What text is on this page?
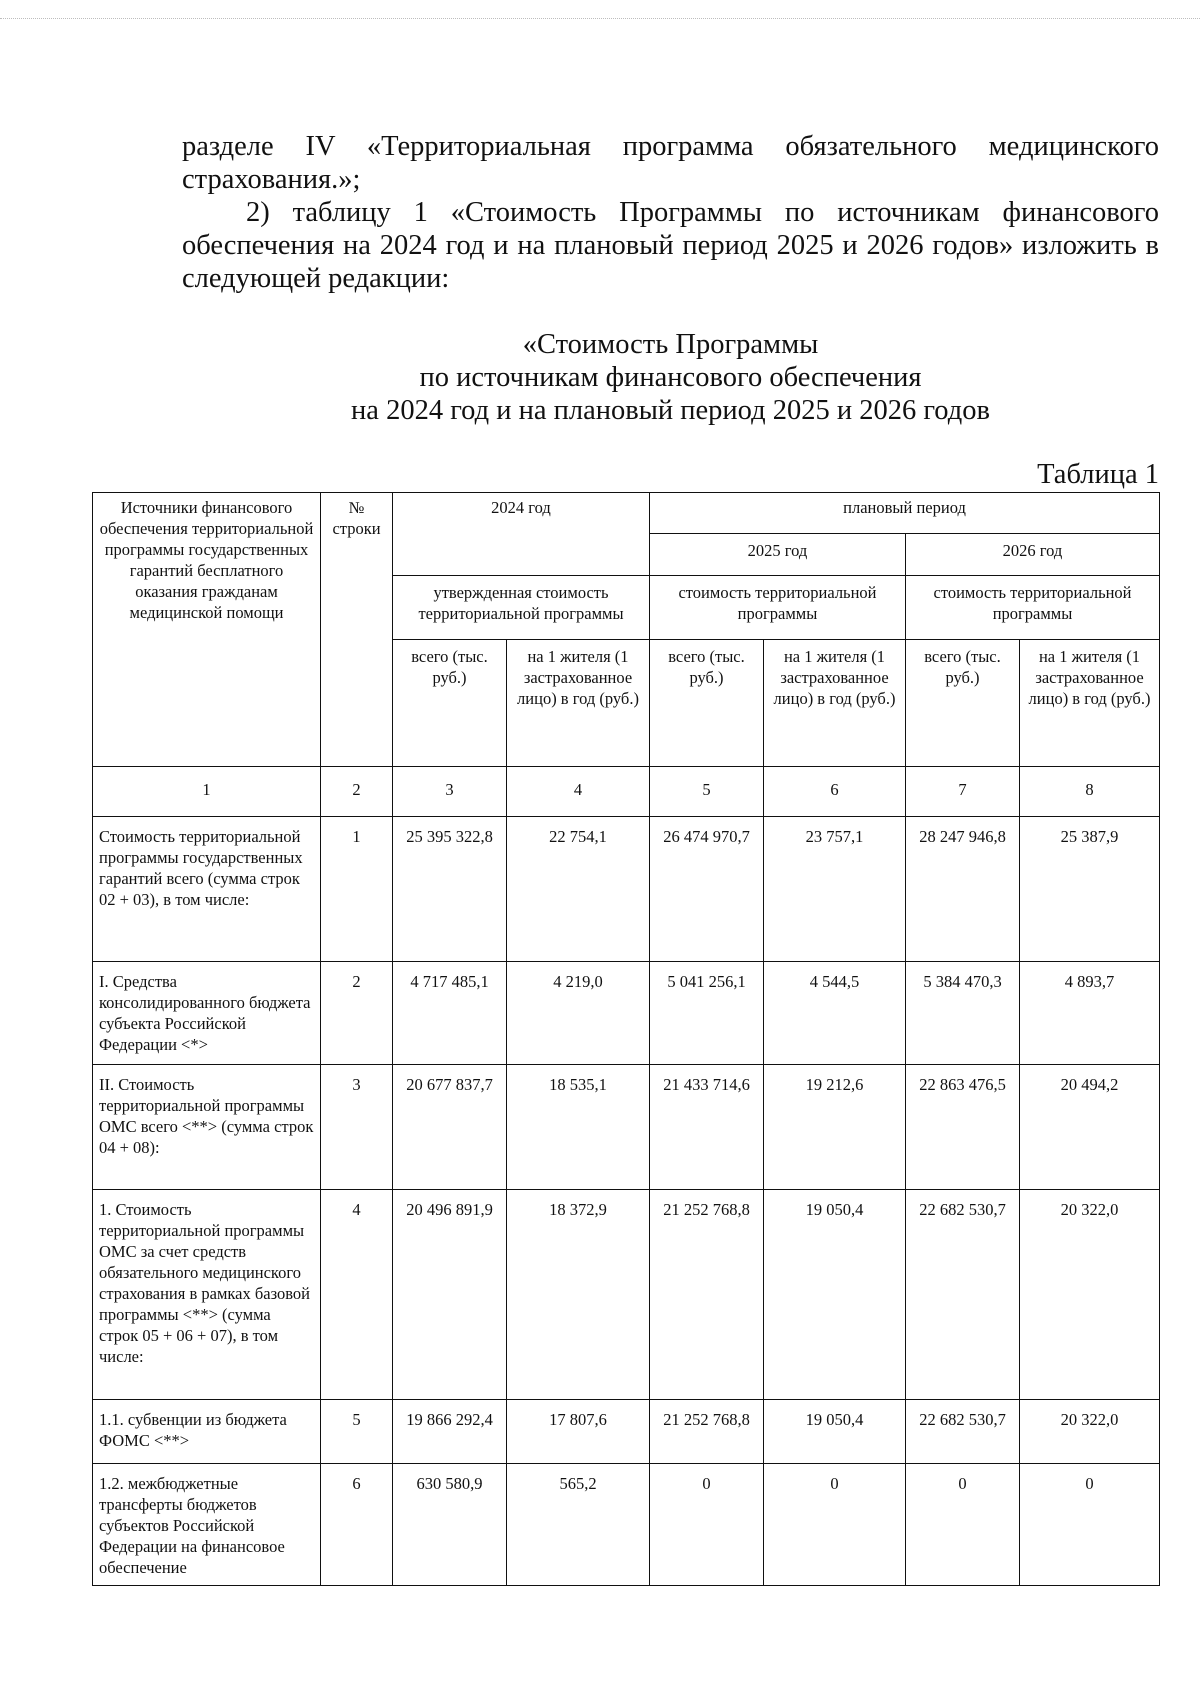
разделе IV «Территориальная программа обязательного медицинского страхования.»;
2) таблицу 1 «Стоимость Программы по источникам финансового обеспечения на 2024 год и на плановый период 2025 и 2026 годов» изложить в следующей редакции:
«Стоимость Программы
по источникам финансового обеспечения
на 2024 год и на плановый период 2025 и 2026 годов
Таблица 1
Источники финансового обеспечения территориальной программы государственных гарантий бесплатного оказания гражданам медицинской помощи	№ строки	2024 год		плановый период			
				2025 год		2026 год	
		утвержденная стоимость территориальной программы		стоимость территориальной программы		стоимость территориальной программы	
		всего (тыс. руб.)	на 1 жителя (1 застрахованное лицо) в год (руб.)	всего (тыс. руб.)	на 1 жителя (1 застрахованное лицо) в год (руб.)	всего (тыс. руб.)	на 1 жителя (1 застрахованное лицо) в год (руб.)
1	2	3	4	5	6	7	8
Стоимость территориальной программы государственных гарантий всего (сумма строк 02 + 03), в том числе:	1	25 395 322,8	22 754,1	26 474 970,7	23 757,1	28 247 946,8	25 387,9
I. Средства консолидированного бюджета субъекта Российской Федерации <*>	2	4 717 485,1	4 219,0	5 041 256,1	4 544,5	5 384 470,3	4 893,7
II. Стоимость территориальной программы ОМС всего <**> (сумма строк 04 + 08):	3	20 677 837,7	18 535,1	21 433 714,6	19 212,6	22 863 476,5	20 494,2
1. Стоимость территориальной программы ОМС за счет средств обязательного медицинского страхования в рамках базовой программы <**> (сумма строк 05 + 06 + 07), в том числе:	4	20 496 891,9	18 372,9	21 252 768,8	19 050,4	22 682 530,7	20 322,0
1.1. субвенции из бюджета ФОМС <**>	5	19 866 292,4	17 807,6	21 252 768,8	19 050,4	22 682 530,7	20 322,0
1.2. межбюджетные трансферты бюджетов субъектов Российской Федерации на финансовое обеспечение	6	630 580,9	565,2	0	0	0	0
